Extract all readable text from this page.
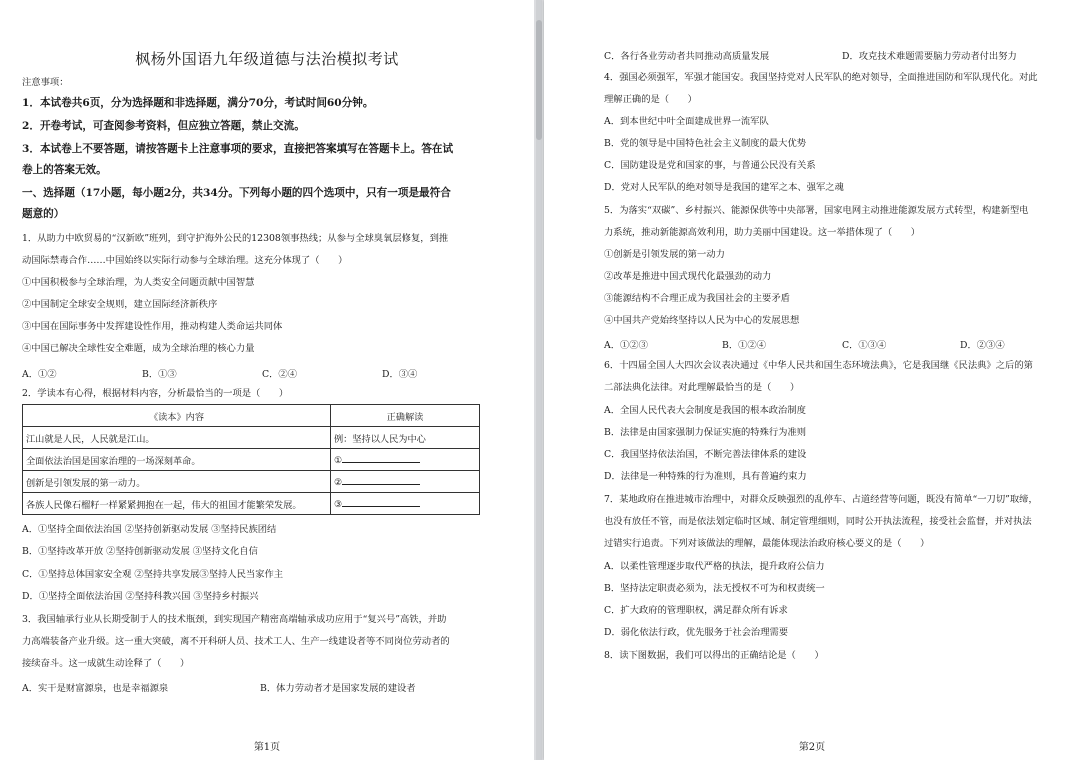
枫杨外国语九年级道德与法治模拟考试
注意事项：
1．本试卷共6页，分为选择题和非选择题，满分70分，考试时间60分钟。
2．开卷考试，可查阅参考资料，但应独立答题，禁止交流。
3．本试卷上不要答题，请按答题卡上注意事项的要求，直接把答案填写在答题卡上。答在试
卷上的答案无效。
一、选择题（17小题，每小题2分，共34分。下列每小题的四个选项中，只有一项是最符合
题意的）
1．从助力中欧贸易的“汉新欧”班列，到守护海外公民的12308领事热线；从参与全球臭氧层修复，到推
动国际禁毒合作……中国始终以实际行动参与全球治理。这充分体现了（　　）
①中国积极参与全球治理，为人类安全问题贡献中国智慧
②中国制定全球安全规则，建立国际经济新秩序
③中国在国际事务中发挥建设性作用，推动构建人类命运共同体
④中国已解决全球性安全难题，成为全球治理的核心力量
A．①②	B．①③	C．②④	D．③④
2．学读本有心得，根据材料内容，分析最恰当的一项是（　　）
《读本》内容	正确解读
江山就是人民，人民就是江山。	例：坚持以人民为中心
全面依法治国是国家治理的一场深刻革命。	①
创新是引领发展的第一动力。	②
各族人民像石榴籽一样紧紧拥抱在一起，伟大的祖国才能繁荣发展。	③
A．①坚持全面依法治国 ②坚持创新驱动发展 ③坚持民族团结
B．①坚持改革开放 ②坚持创新驱动发展 ③坚持文化自信
C．①坚持总体国家安全观 ②坚持共享发展③坚持人民当家作主
D．①坚持全面依法治国 ②坚持科教兴国 ③坚持乡村振兴
3．我国轴承行业从长期受制于人的技术瓶颈，到实现国产精密高端轴承成功应用于“复兴号”高铁，并助
力高端装备产业升级。这一重大突破，离不开科研人员、技术工人、生产一线建设者等不同岗位劳动者的
接续奋斗。这一成就生动诠释了（　　）
A．实干是财富源泉，也是幸福源泉	B．体力劳动者才是国家发展的建设者
第1页
C．各行各业劳动者共同推动高质量发展	D．攻克技术难题需要脑力劳动者付出努力
4．强国必须强军，军强才能国安。我国坚持党对人民军队的绝对领导，全面推进国防和军队现代化。对此
理解正确的是（　　）
A．到本世纪中叶全面建成世界一流军队
B．党的领导是中国特色社会主义制度的最大优势
C．国防建设是党和国家的事，与普通公民没有关系
D．党对人民军队的绝对领导是我国的建军之本、强军之魂
5．为落实“双碳”、乡村振兴、能源保供等中央部署，国家电网主动推进能源发展方式转型，构建新型电
力系统，推动新能源高效利用，助力美丽中国建设。这一举措体现了（　　）
①创新是引领发展的第一动力
②改革是推进中国式现代化最强劲的动力
③能源结构不合理正成为我国社会的主要矛盾
④中国共产党始终坚持以人民为中心的发展思想
A．①②③	B．①②④	C．①③④	D．②③④
6．十四届全国人大四次会议表决通过《中华人民共和国生态环境法典》，它是我国继《民法典》之后的第
二部法典化法律。对此理解最恰当的是（　　）
A．全国人民代表大会制度是我国的根本政治制度
B．法律是由国家强制力保证实施的特殊行为准则
C．我国坚持依法治国，不断完善法律体系的建设
D．法律是一种特殊的行为准则，具有普遍约束力
7．某地政府在推进城市治理中，对群众反映强烈的乱停车、占道经营等问题，既没有简单“一刀切”取缔，
也没有放任不管，而是依法划定临时区域、制定管理细则，同时公开执法流程，接受社会监督，并对执法
过错实行追责。下列对该做法的理解，最能体现法治政府核心要义的是（　　）
A．以柔性管理逐步取代严格的执法，提升政府公信力
B．坚持法定职责必须为，法无授权不可为和权责统一
C．扩大政府的管理职权，满足群众所有诉求
D．弱化依法行政，优先服务于社会治理需要
8．读下图数据，我们可以得出的正确结论是（　　）
第2页
